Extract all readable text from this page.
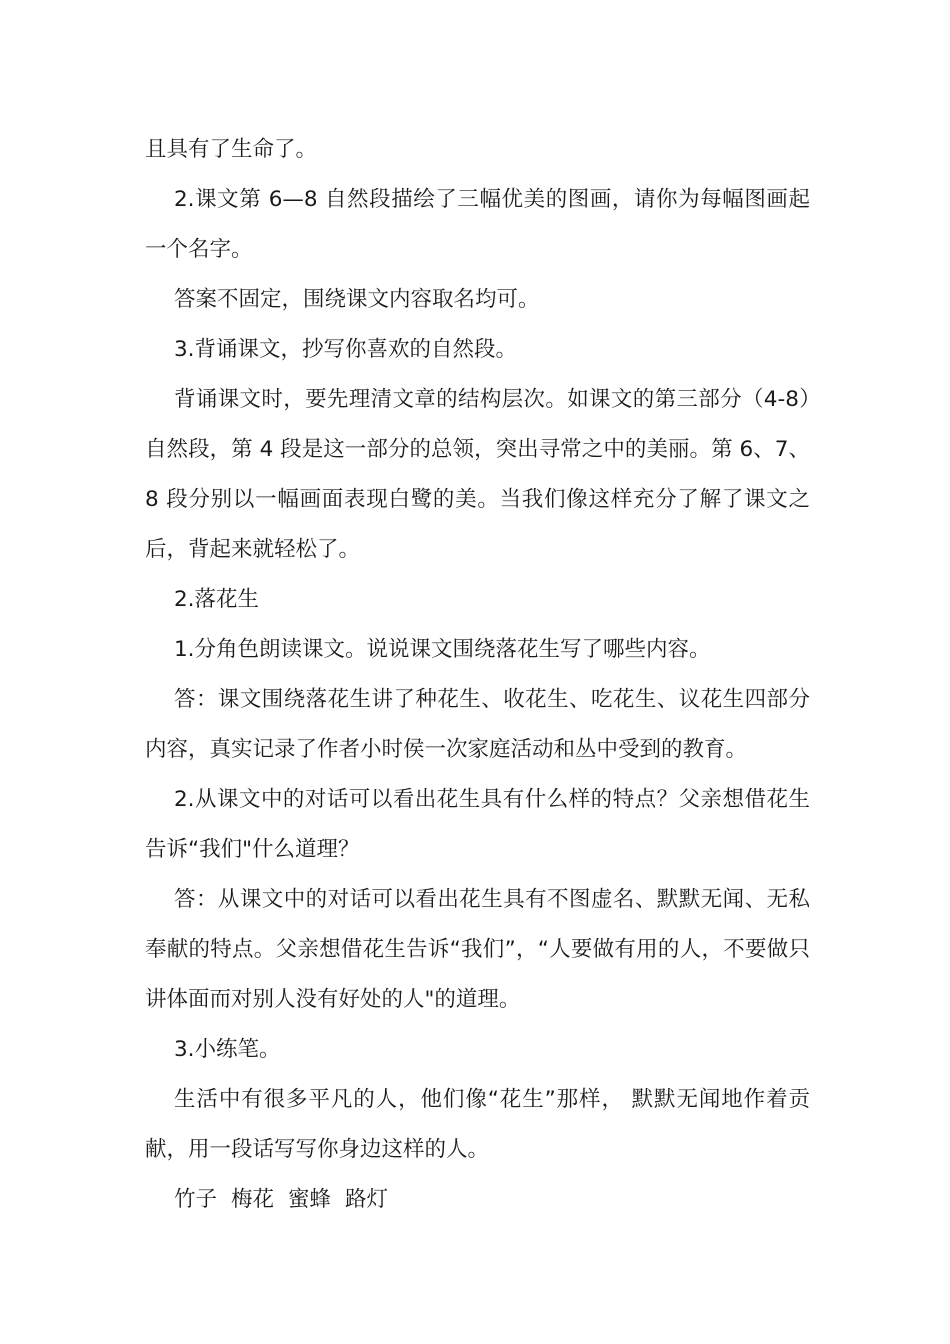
且具有了生命了。

2.课文第 6—8 自然段描绘了三幅优美的图画，请你为每幅图画起一个名字。

答案不固定，围绕课文内容取名均可。

3.背诵课文，抄写你喜欢的自然段。

背诵课文时，要先理清文章的结构层次。如课文的第三部分（4-8）自然段，第 4 段是这一部分的总领，突出寻常之中的美丽。第 6、7、8 段分别以一幅画面表现白鹭的美。当我们像这样充分了解了课文之后，背起来就轻松了。

2.落花生

1.分角色朗读课文。说说课文围绕落花生写了哪些内容。

答：课文围绕落花生讲了种花生、收花生、吃花生、议花生四部分内容，真实记录了作者小时侯一次家庭活动和丛中受到的教育。

2.从课文中的对话可以看出花生具有什么样的特点？父亲想借花生告诉“我们"什么道理？

答：从课文中的对话可以看出花生具有不图虚名、默默无闻、无私奉献的特点。父亲想借花生告诉“我们”，“人要做有用的人，不要做只讲体面而对别人没有好处的人"的道理。

3.小练笔。

生活中有很多平凡的人，他们像“花生”那样， 默默无闻地作着贡献，用一段话写写你身边这样的人。

竹子 梅花 蜜蜂 路灯
